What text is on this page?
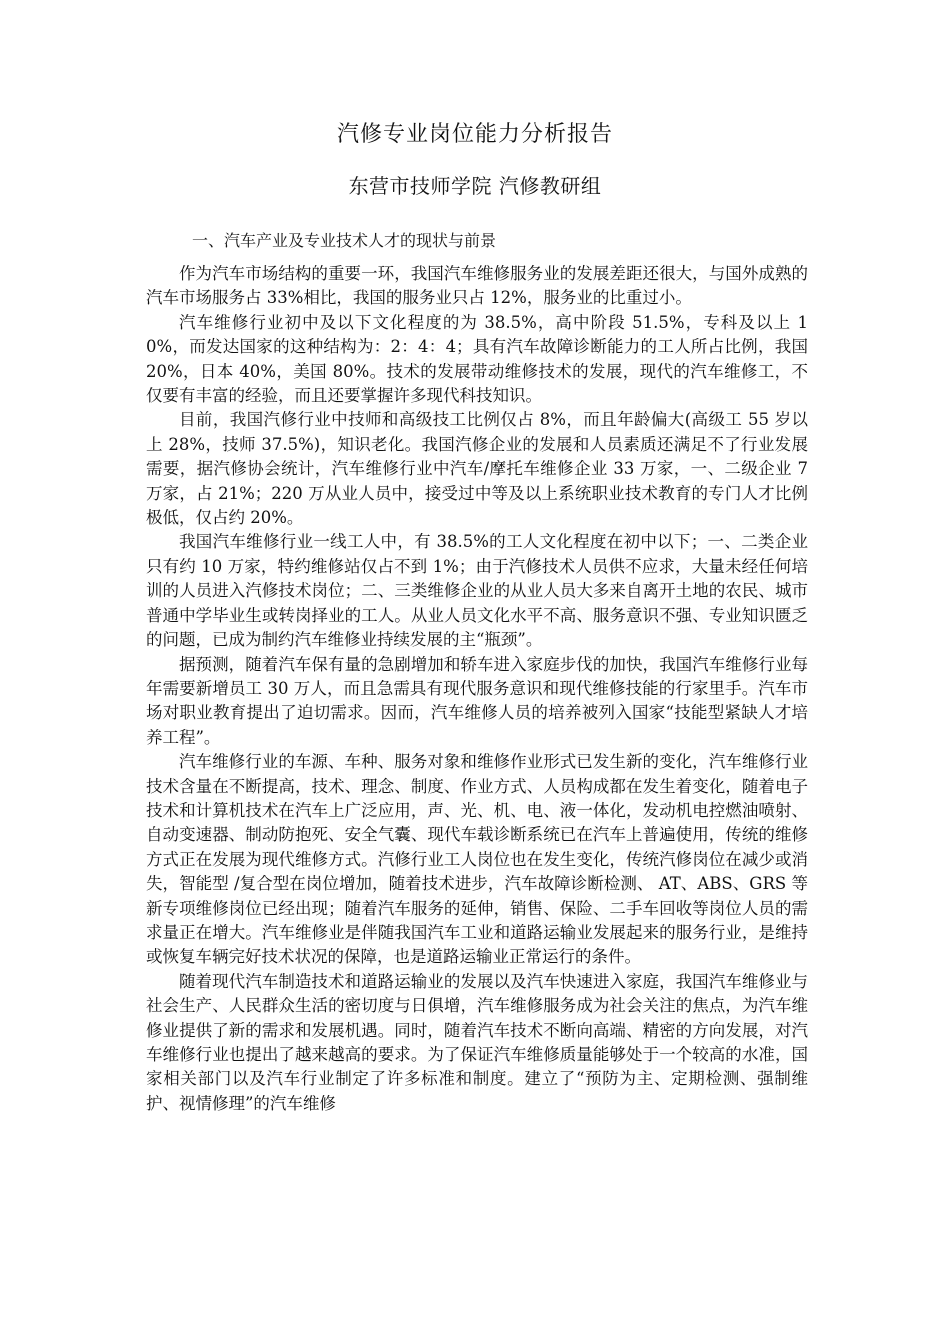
汽修专业岗位能力分析报告
东营市技师学院 汽修教研组
一、汽车产业及专业技术人才的现状与前景

作为汽车市场结构的重要一环，我国汽车维修服务业的发展差距还很大，与国外成熟的汽车市场服务占 33%相比，我国的服务业只占 12%，服务业的比重过小。

汽车维修行业初中及以下文化程度的为 38.5%，高中阶段 51.5%，专科及以上 10%，而发达国家的这种结构为：2：4：4；具有汽车故障诊断能力的工人所占比例，我国 20%，日本 40%，美国 80%。技术的发展带动维修技术的发展，现代的汽车维修工，不仅要有丰富的经验，而且还要掌握许多现代科技知识。

目前，我国汽修行业中技师和高级技工比例仅占 8%，而且年龄偏大(高级工 55 岁以上 28%，技师 37.5%)，知识老化。我国汽修企业的发展和人员素质还满足不了行业发展需要，据汽修协会统计，汽车维修行业中汽车/摩托车维修企业 33 万家，一、二级企业 7 万家，占 21%；220 万从业人员中，接受过中等及以上系统职业技术教育的专门人才比例极低，仅占约 20%。

我国汽车维修行业一线工人中，有 38.5%的工人文化程度在初中以下；一、二类企业只有约 10 万家，特约维修站仅占不到 1%；由于汽修技术人员供不应求，大量未经任何培训的人员进入汽修技术岗位；二、三类维修企业的从业人员大多来自离开土地的农民、城市普通中学毕业生或转岗择业的工人。从业人员文化水平不高、服务意识不强、专业知识匮乏的问题，已成为制约汽车维修业持续发展的主“瓶颈”。

据预测，随着汽车保有量的急剧增加和轿车进入家庭步伐的加快，我国汽车维修行业每年需要新增员工 30 万人，而且急需具有现代服务意识和现代维修技能的行家里手。汽车市场对职业教育提出了迫切需求。因而，汽车维修人员的培养被列入国家“技能型紧缺人才培养工程”。

汽车维修行业的车源、车种、服务对象和维修作业形式已发生新的变化，汽车维修行业技术含量在不断提高，技术、理念、制度、作业方式、人员构成都在发生着变化，随着电子技术和计算机技术在汽车上广泛应用，声、光、机、电、液一体化，发动机电控燃油喷射、自动变速器、制动防抱死、安全气囊、现代车载诊断系统已在汽车上普遍使用，传统的维修方式正在发展为现代维修方式。汽修行业工人岗位也在发生变化，传统汽修岗位在减少或消失，智能型 /复合型在岗位增加，随着技术进步，汽车故障诊断检测、 AT、ABS、GRS 等新专项维修岗位已经出现；随着汽车服务的延伸，销售、保险、二手车回收等岗位人员的需求量正在增大。汽车维修业是伴随我国汽车工业和道路运输业发展起来的服务行业，是维持或恢复车辆完好技术状况的保障，也是道路运输业正常运行的条件。

随着现代汽车制造技术和道路运输业的发展以及汽车快速进入家庭，我国汽车维修业与社会生产、人民群众生活的密切度与日俱增，汽车维修服务成为社会关注的焦点，为汽车维修业提供了新的需求和发展机遇。同时，随着汽车技术不断向高端、精密的方向发展，对汽车维修行业也提出了越来越高的要求。为了保证汽车维修质量能够处于一个较高的水准，国家相关部门以及汽车行业制定了许多标准和制度。建立了“预防为主、定期检测、强制维护、视情修理”的汽车维修
